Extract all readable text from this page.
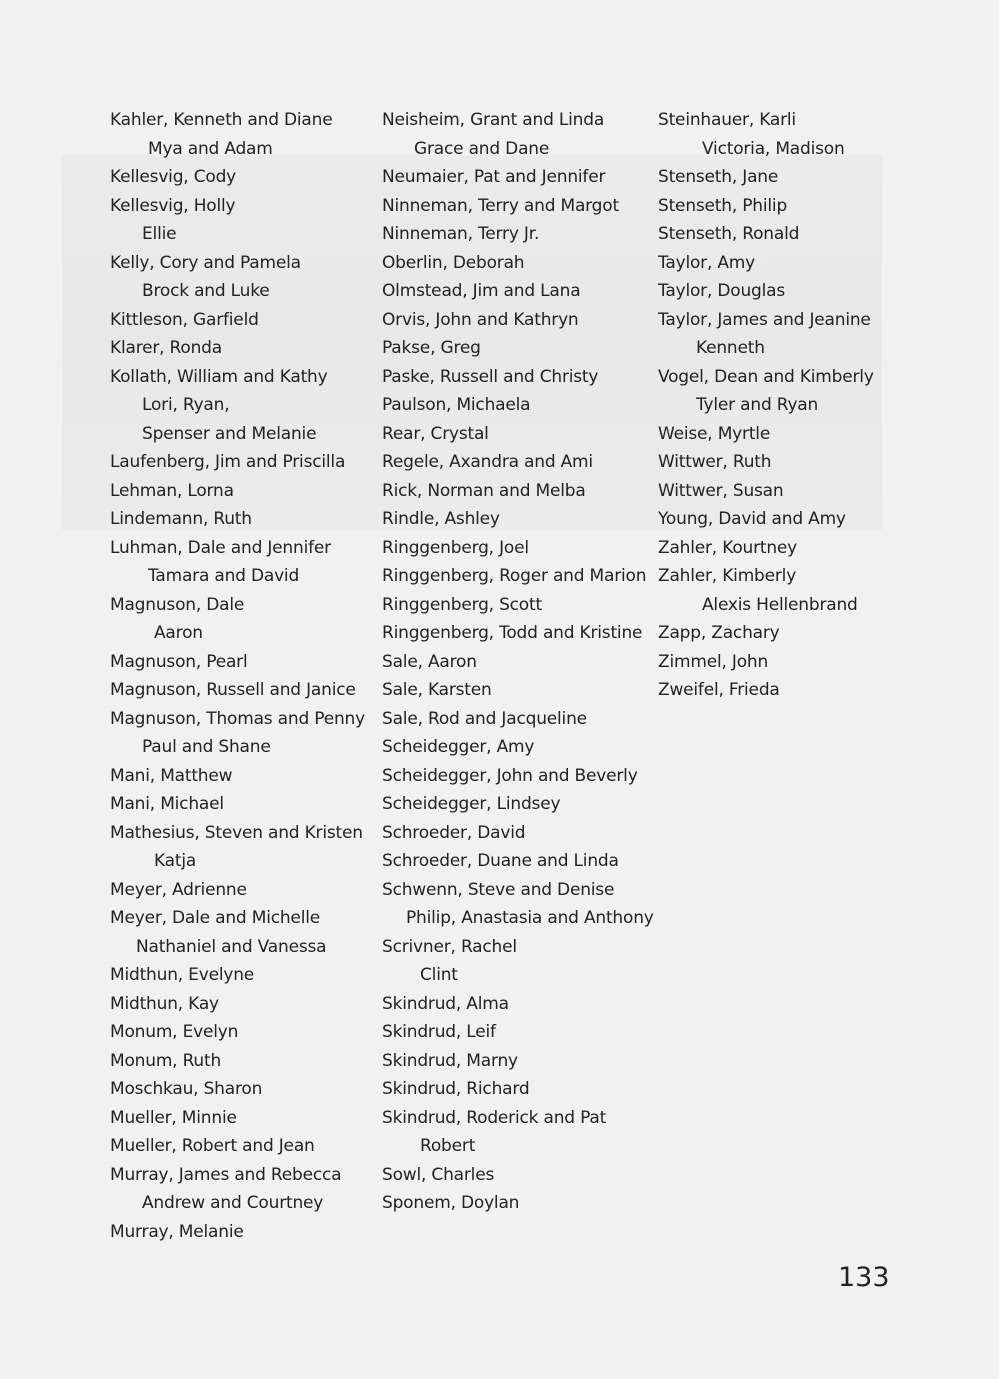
Kahler, Kenneth and Diane
Mya and Adam
Kellesvig, Cody
Kellesvig, Holly
Ellie
Kelly, Cory and Pamela
Brock and Luke
Kittleson, Garfield
Klarer, Ronda
Kollath, William and Kathy
Lori, Ryan,
Spenser and Melanie
Laufenberg, Jim and Priscilla
Lehman, Lorna
Lindemann, Ruth
Luhman, Dale and Jennifer
Tamara and David
Magnuson, Dale
Aaron
Magnuson, Pearl
Magnuson, Russell and Janice
Magnuson, Thomas and Penny
Paul and Shane
Mani, Matthew
Mani, Michael
Mathesius, Steven and Kristen
Katja
Meyer, Adrienne
Meyer, Dale and Michelle
Nathaniel and Vanessa
Midthun, Evelyne
Midthun, Kay
Monum, Evelyn
Monum, Ruth
Moschkau, Sharon
Mueller, Minnie
Mueller, Robert and Jean
Murray, James and Rebecca
Andrew and Courtney
Murray, Melanie
Neisheim, Grant and Linda
Grace and Dane
Neumaier, Pat and Jennifer
Ninneman, Terry and Margot
Ninneman, Terry Jr.
Oberlin, Deborah
Olmstead, Jim and Lana
Orvis, John and Kathryn
Pakse, Greg
Paske, Russell and Christy
Paulson, Michaela
Rear, Crystal
Regele, Axandra and Ami
Rick, Norman and Melba
Rindle, Ashley
Ringgenberg, Joel
Ringgenberg, Roger and Marion
Ringgenberg, Scott
Ringgenberg, Todd and Kristine
Sale, Aaron
Sale, Karsten
Sale, Rod and Jacqueline
Scheidegger, Amy
Scheidegger, John and Beverly
Scheidegger, Lindsey
Schroeder, David
Schroeder, Duane and Linda
Schwenn, Steve and Denise
Philip, Anastasia and Anthony
Scrivner, Rachel
Clint
Skindrud, Alma
Skindrud, Leif
Skindrud, Marny
Skindrud, Richard
Skindrud, Roderick and Pat
Robert
Sowl, Charles
Sponem, Doylan
Steinhauer, Karli
Victoria, Madison
Stenseth, Jane
Stenseth, Philip
Stenseth, Ronald
Taylor, Amy
Taylor, Douglas
Taylor, James and Jeanine
Kenneth
Vogel, Dean and Kimberly
Tyler and Ryan
Weise, Myrtle
Wittwer, Ruth
Wittwer, Susan
Young, David and Amy
Zahler, Kourtney
Zahler, Kimberly
Alexis Hellenbrand
Zapp, Zachary
Zimmel, John
Zweifel, Frieda
133
